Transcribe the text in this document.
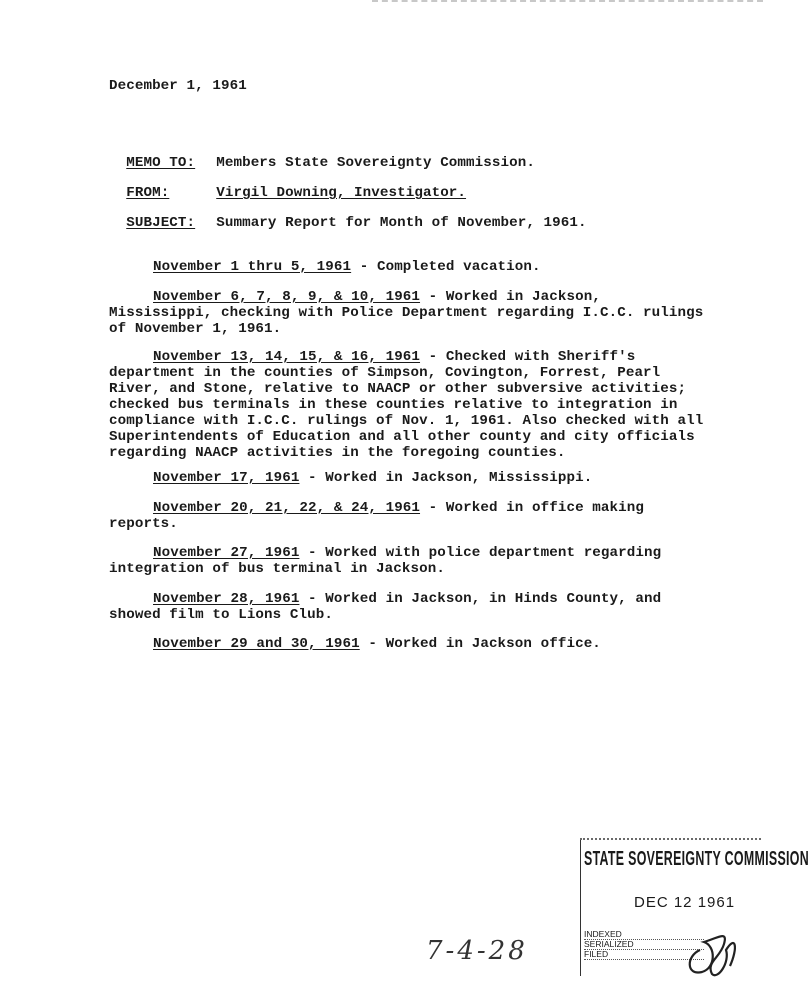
December 1, 1961

MEMO TO: Members State Sovereignty Commission.

FROM:	Virgil Downing, Investigator.

SUBJECT: Summary Report for Month of November, 1961.

November 1 thru 5, 1961 - Completed vacation.
November 6, 7, 8, 9, & 10, 1961 - Worked in Jackson, Mississippi, checking with Police Department regarding I.C.C. rulings of November 1, 1961.
November 13, 14, 15, & 16, 1961 - Checked with Sheriff's department in the counties of Simpson, Covington, Forrest, Pearl River, and Stone, relative to NAACP or other subversive activities; checked bus terminals in these counties relative to integration in compliance with I.C.C. rulings of Nov. 1, 1961. Also checked with all Superintendents of Education and all other county and city officials regarding NAACP activities in the foregoing counties.
November 17, 1961 - Worked in Jackson, Mississippi.
November 20, 21, 22, & 24, 1961 - Worked in office making reports.
November 27, 1961 - Worked with police department regarding integration of bus terminal in Jackson.
November 28, 1961 - Worked in Jackson, in Hinds County, and showed film to Lions Club.
November 29 and 30, 1961 - Worked in Jackson office.
7-4-28
STATE SOVEREIGNTY COMMISSION
DEC 12 1961
INDEXED
SERIALIZED
FILED
